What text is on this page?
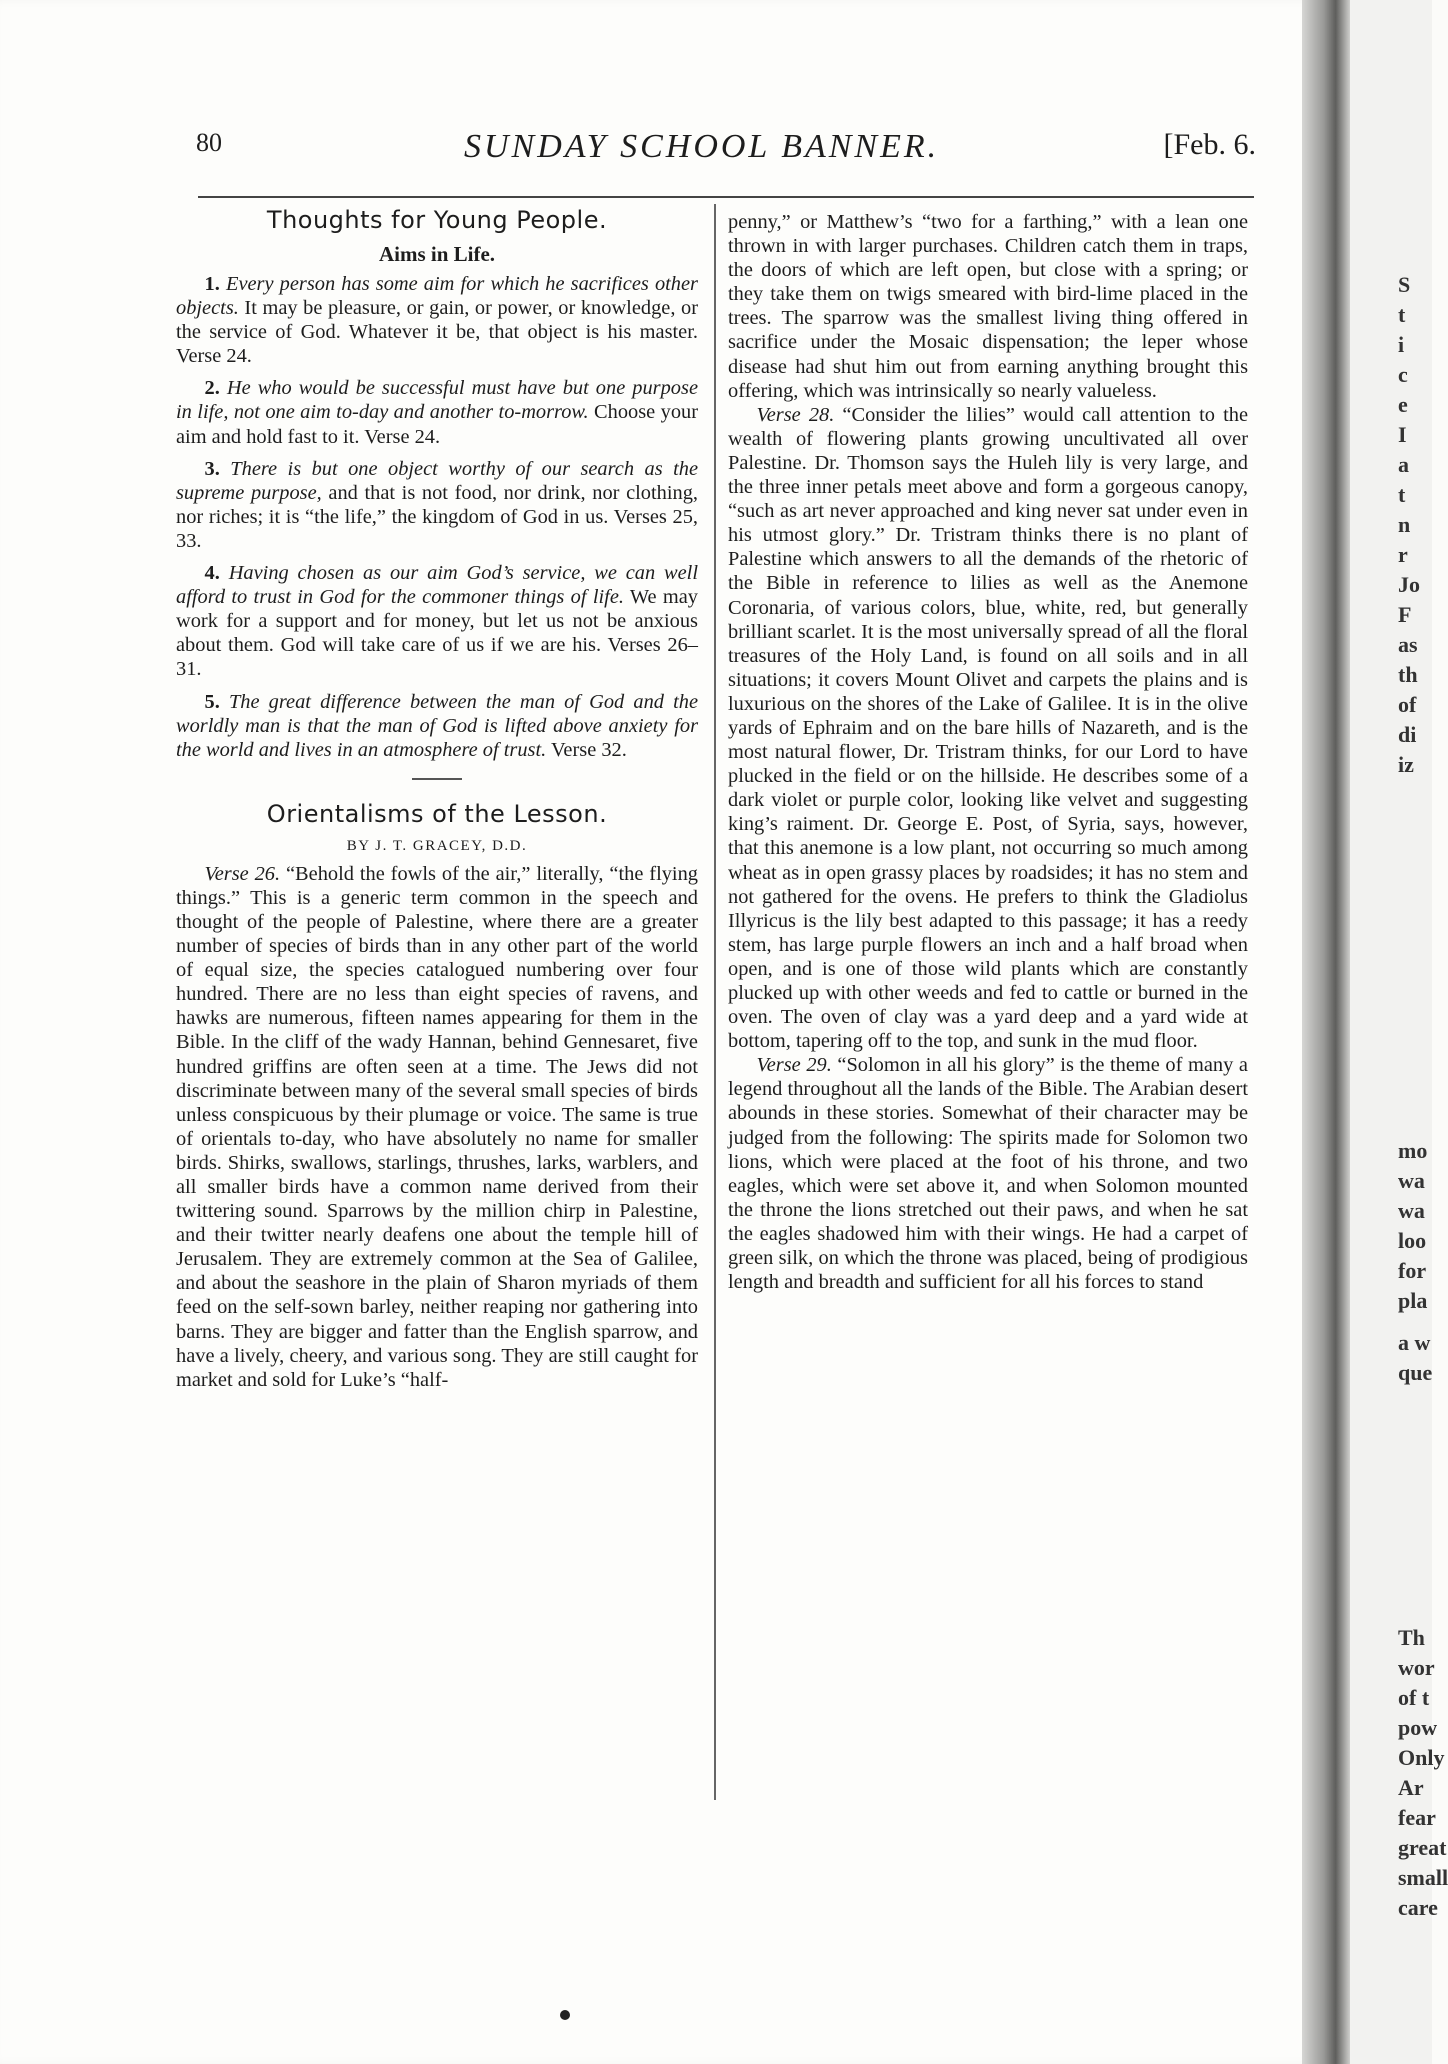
80	SUNDAY SCHOOL BANNER.	[Feb. 6.
Thoughts for Young People.
Aims in Life.

1. Every person has some aim for which he sacrifices other objects. It may be pleasure, or gain, or power, or knowledge, or the service of God. Whatever it be, that object is his master. Verse 24.

2. He who would be successful must have but one purpose in life, not one aim to-day and another to-morrow. Choose your aim and hold fast to it. Verse 24.

3. There is but one object worthy of our search as the supreme purpose, and that is not food, nor drink, nor clothing, nor riches; it is “the life,” the kingdom of God in us. Verses 25, 33.

4. Having chosen as our aim God’s service, we can well afford to trust in God for the commoner things of life. We may work for a support and for money, but let us not be anxious about them. God will take care of us if we are his. Verses 26–31.

5. The great difference between the man of God and the worldly man is that the man of God is lifted above anxiety for the world and lives in an atmosphere of trust. Verse 32.

Orientalisms of the Lesson.
BY J. T. GRACEY, D.D.

Verse 26. “Behold the fowls of the air,” literally, “the flying things.” This is a generic term common in the speech and thought of the people of Palestine, where there are a greater number of species of birds than in any other part of the world of equal size, the species catalogued numbering over four hundred. There are no less than eight species of ravens, and hawks are numerous, fifteen names appearing for them in the Bible. In the cliff of the wady Hannan, behind Gennesaret, five hundred griffins are often seen at a time. The Jews did not discriminate between many of the several small species of birds unless conspicuous by their plumage or voice. The same is true of orientals to-day, who have absolutely no name for smaller birds. Shirks, swallows, starlings, thrushes, larks, warblers, and all smaller birds have a common name derived from their twittering sound. Sparrows by the million chirp in Palestine, and their twitter nearly deafens one about the temple hill of Jerusalem. They are extremely common at the Sea of Galilee, and about the seashore in the plain of Sharon myriads of them feed on the self-sown barley, neither reaping nor gathering into barns. They are bigger and fatter than the English sparrow, and have a lively, cheery, and various song. They are still caught for market and sold for Luke’s “half-

penny,” or Matthew’s “two for a farthing,” with a lean one thrown in with larger purchases. Children catch them in traps, the doors of which are left open, but close with a spring; or they take them on twigs smeared with bird-lime placed in the trees. The sparrow was the smallest living thing offered in sacrifice under the Mosaic dispensation; the leper whose disease had shut him out from earning anything brought this offering, which was intrinsically so nearly valueless.

Verse 28. “Consider the lilies” would call attention to the wealth of flowering plants growing uncultivated all over Palestine. Dr. Thomson says the Huleh lily is very large, and the three inner petals meet above and form a gorgeous canopy, “such as art never approached and king never sat under even in his utmost glory.” Dr. Tristram thinks there is no plant of Palestine which answers to all the demands of the rhetoric of the Bible in reference to lilies as well as the Anemone Coronaria, of various colors, blue, white, red, but generally brilliant scarlet. It is the most universally spread of all the floral treasures of the Holy Land, is found on all soils and in all situations; it covers Mount Olivet and carpets the plains and is luxurious on the shores of the Lake of Galilee. It is in the olive yards of Ephraim and on the bare hills of Nazareth, and is the most natural flower, Dr. Tristram thinks, for our Lord to have plucked in the field or on the hillside. He describes some of a dark violet or purple color, looking like velvet and suggesting king’s raiment. Dr. George E. Post, of Syria, says, however, that this anemone is a low plant, not occurring so much among wheat as in open grassy places by roadsides; it has no stem and not gathered for the ovens. He prefers to think the Gladiolus Illyricus is the lily best adapted to this passage; it has a reedy stem, has large purple flowers an inch and a half broad when open, and is one of those wild plants which are constantly plucked up with other weeds and fed to cattle or burned in the oven. The oven of clay was a yard deep and a yard wide at bottom, tapering off to the top, and sunk in the mud floor.

Verse 29. “Solomon in all his glory” is the theme of many a legend throughout all the lands of the Bible. The Arabian desert abounds in these stories. Somewhat of their character may be judged from the following: The spirits made for Solomon two lions, which were placed at the foot of his throne, and two eagles, which were set above it, and when Solomon mounted the throne the lions stretched out their paws, and when he sat the eagles shadowed him with their wings. He had a carpet of green silk, on which the throne was placed, being of prodigious length and breadth and sufficient for all his forces to stand

S
t
i
c
e
I
a
t
n
r
Jo
F
as
th
of
di
iz
mo
wa
wa
loo
for
pla
a w
que
Th
wor
of t
pow
Only
Ar
fear
great
small
care
